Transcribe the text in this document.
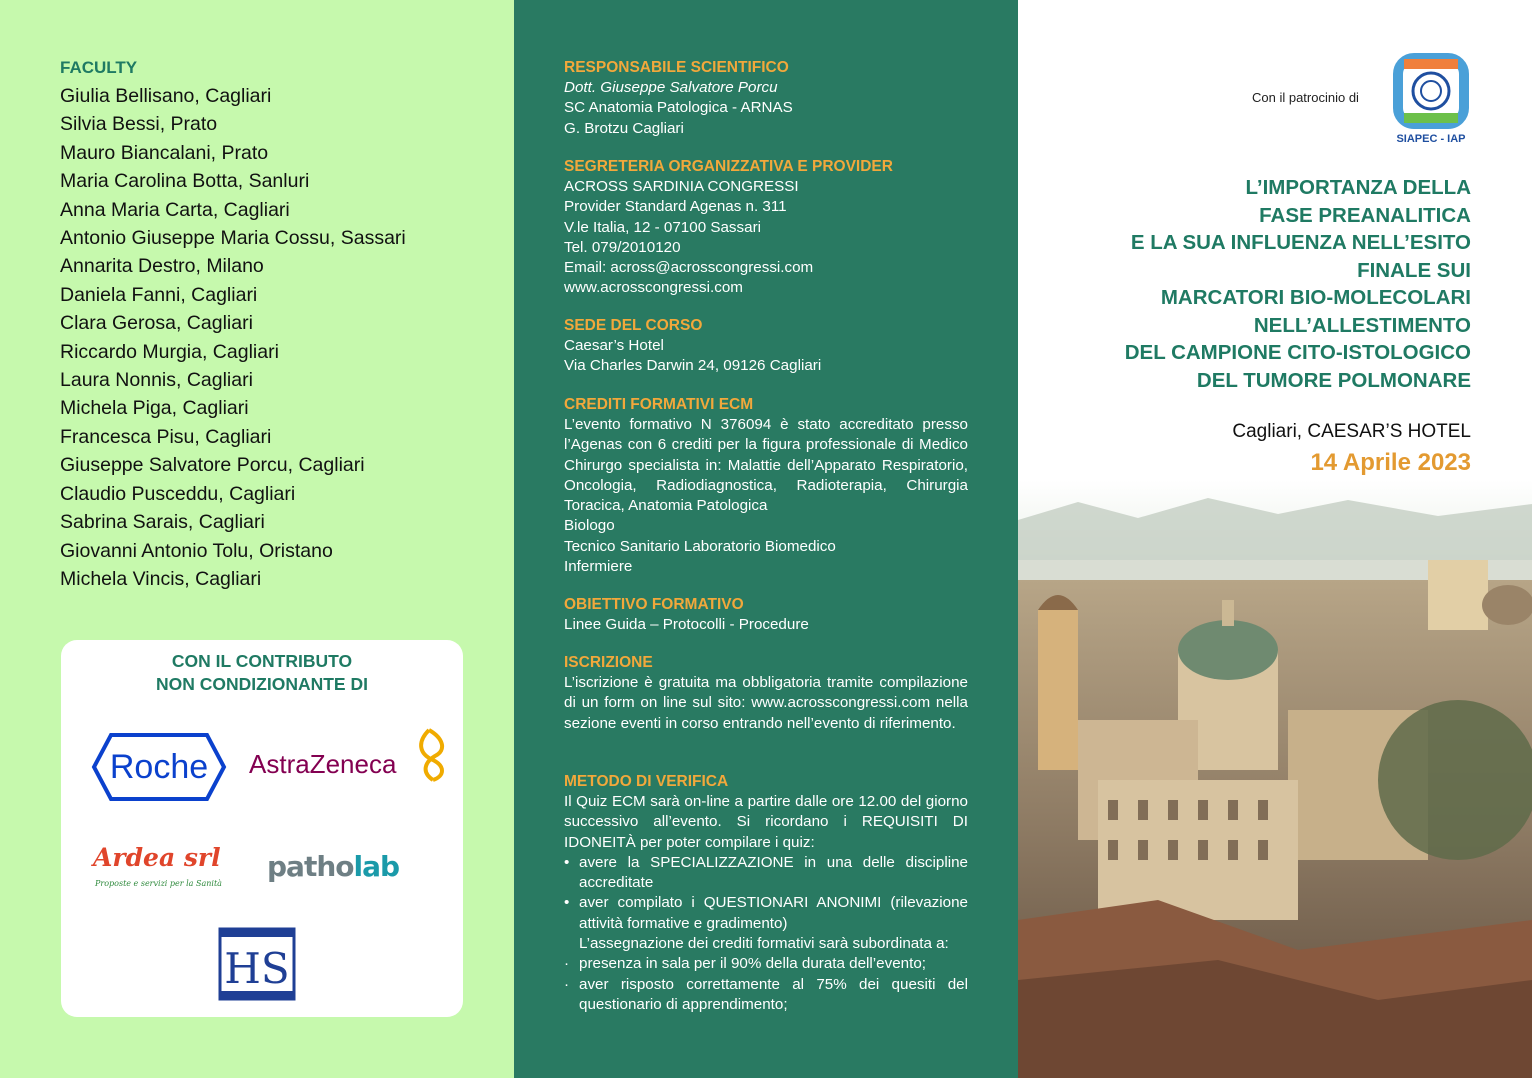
FACULTY
Giulia Bellisano, Cagliari
Silvia Bessi, Prato
Mauro Biancalani, Prato
Maria Carolina Botta, Sanluri
Anna Maria Carta, Cagliari
Antonio Giuseppe Maria Cossu, Sassari
Annarita Destro, Milano
Daniela Fanni, Cagliari
Clara Gerosa, Cagliari
Riccardo Murgia, Cagliari
Laura Nonnis, Cagliari
Michela Piga, Cagliari
Francesca Pisu, Cagliari
Giuseppe Salvatore Porcu, Cagliari
Claudio Pusceddu, Cagliari
Sabrina Sarais, Cagliari
Giovanni Antonio Tolu, Oristano
Michela Vincis, Cagliari
CON IL CONTRIBUTO
NON CONDIZIONANTE DI
Roche AstraZeneca
Ardea srl
Proposte e servizi per la Sanità
patholab
HS
RESPONSABILE SCIENTIFICO
Dott. Giuseppe Salvatore Porcu
SC Anatomia Patologica - ARNAS
G. Brotzu Cagliari
SEGRETERIA ORGANIZZATIVA E PROVIDER
ACROSS SARDINIA CONGRESSI
Provider Standard Agenas n. 311
V.le Italia, 12 - 07100 Sassari
Tel. 079/2010120
Email: across@acrosscongressi.com
www.acrosscongressi.com
SEDE DEL CORSO
Caesar’s Hotel
Via Charles Darwin 24, 09126 Cagliari
CREDITI FORMATIVI ECM
L’evento formativo N 376094 è stato accreditato presso l’Agenas con 6 crediti per la figura professionale di Medico Chirurgo specialista in: Malattie dell’Apparato Respiratorio, Oncologia, Radiodiagnostica, Radioterapia, Chirurgia Toracica, Anatomia Patologica
Biologo
Tecnico Sanitario Laboratorio Biomedico
Infermiere
OBIETTIVO FORMATIVO
Linee Guida – Protocolli - Procedure
ISCRIZIONE
L’iscrizione è gratuita ma obbligatoria tramite compilazione di un form on line sul sito: www.acrosscongressi.com nella sezione eventi in corso entrando nell’evento di riferimento.
METODO DI VERIFICA
Il Quiz ECM sarà on-line a partire dalle ore 12.00 del giorno successivo all’evento. Si ricordano i REQUISITI DI IDONEITÀ per poter compilare i quiz:
• avere la SPECIALIZZAZIONE in una delle discipline accreditate
• aver compilato i QUESTIONARI ANONIMI (rilevazione attività formative e gradimento)
L’assegnazione dei crediti formativi sarà subordinata a:
· presenza in sala per il 90% della durata dell’evento;
· aver risposto correttamente al 75% dei quesiti del questionario di apprendimento;
SIAPEC - IAP
Con il patrocinio di
L’IMPORTANZA DELLA
FASE PREANALITICA
E LA SUA INFLUENZA NELL’ESITO
FINALE SUI
MARCATORI BIO-MOLECOLARI
NELL’ALLESTIMENTO
DEL CAMPIONE CITO-ISTOLOGICO
DEL TUMORE POLMONARE
Cagliari, CAESAR’S HOTEL
14 Aprile 2023
